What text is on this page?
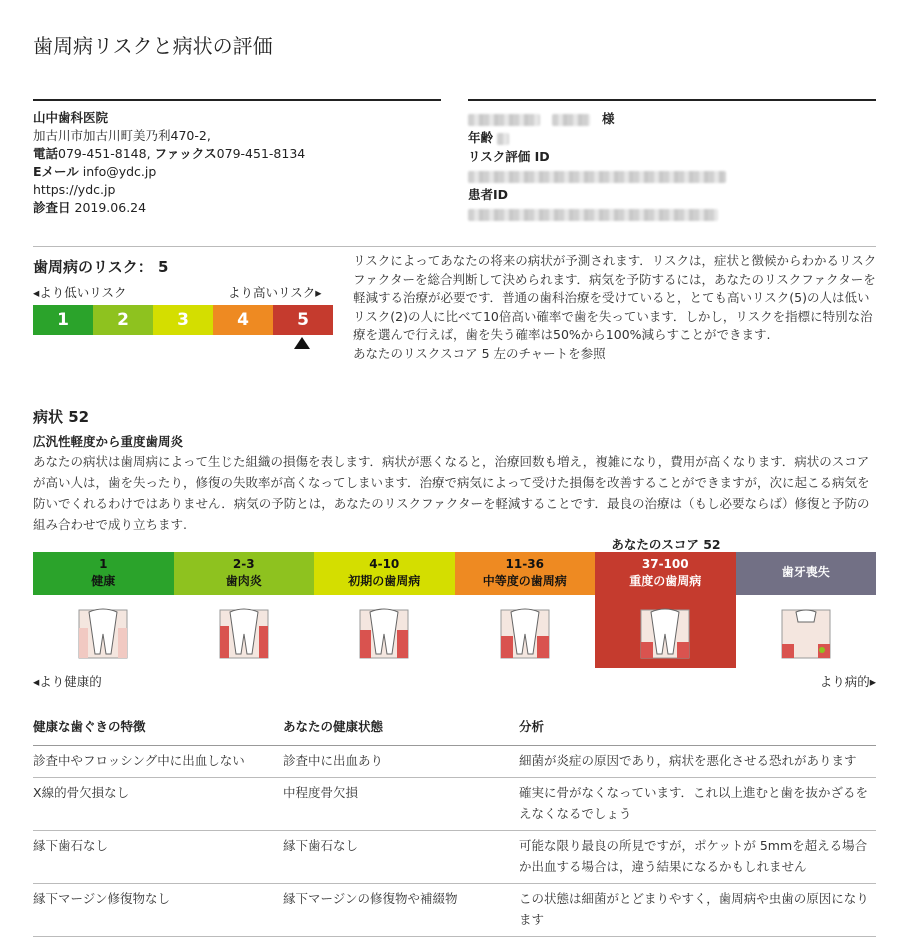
歯周病リスクと病状の評価
山中歯科医院
加古川市加古川町美乃利470-2,
電話079-451-8148, ファックス079-451-8134
Eメール info@ydc.jp
https://ydc.jp
診査日 2019.06.24
様
年齢
リスク評価 ID
患者ID
歯周病のリスク： 5
◂より低いリスク	より高いリスク▸
1	2	3	4	5
リスクによってあなたの将来の病状が予測されます．リスクは，症状と徴候からわかるリスクファクターを総合判断して決められます．病気を予防するには，あなたのリスクファクターを軽減する治療が必要です．普通の歯科治療を受けていると，とても高いリスク(5)の人は低いリスク(2)の人に比べて10倍高い確率で歯を失っています．しかし，リスクを指標に特別な治療を選んで行えば，歯を失う確率は50%から100%減らすことができます.
あなたのリスクスコア 5 左のチャートを参照
病状 52
広汎性軽度から重度歯周炎
あなたの病状は歯周病によって生じた組織の損傷を表します．病状が悪くなると，治療回数も増え，複雑になり，費用が高くなります．病状のスコアが高い人は，歯を失ったり，修復の失敗率が高くなってしまいます．治療で病気によって受けた損傷を改善することができますが，次に起こる病気を防いでくれるわけではありません．病気の予防とは，あなたのリスクファクターを軽減することです．最良の治療は（もし必要ならば）修復と予防の組み合わせで成り立ちます.
あなたのスコア 52
1
健康
2-3
歯肉炎
4-10
初期の歯周病
11-36
中等度の歯周病
37-100
重度の歯周病
歯牙喪失
◂より健康的	より病的▸
健康な歯ぐきの特徴	あなたの健康状態	分析
診査中やフロッシング中に出血しない	診査中に出血あり	細菌が炎症の原因であり，病状を悪化させる恐れがあります
X線的骨欠損なし	中程度骨欠損	確実に骨がなくなっています．これ以上進むと歯を抜かざるをえなくなるでしょう
縁下歯石なし	縁下歯石なし	可能な限り最良の所見ですが，ポケットが 5mmを超える場合か出血する場合は，違う結果になるかもしれません
縁下マージン修復物なし	縁下マージンの修復物や補綴物	この状態は細菌がとどまりやすく，歯周病や虫歯の原因になります
